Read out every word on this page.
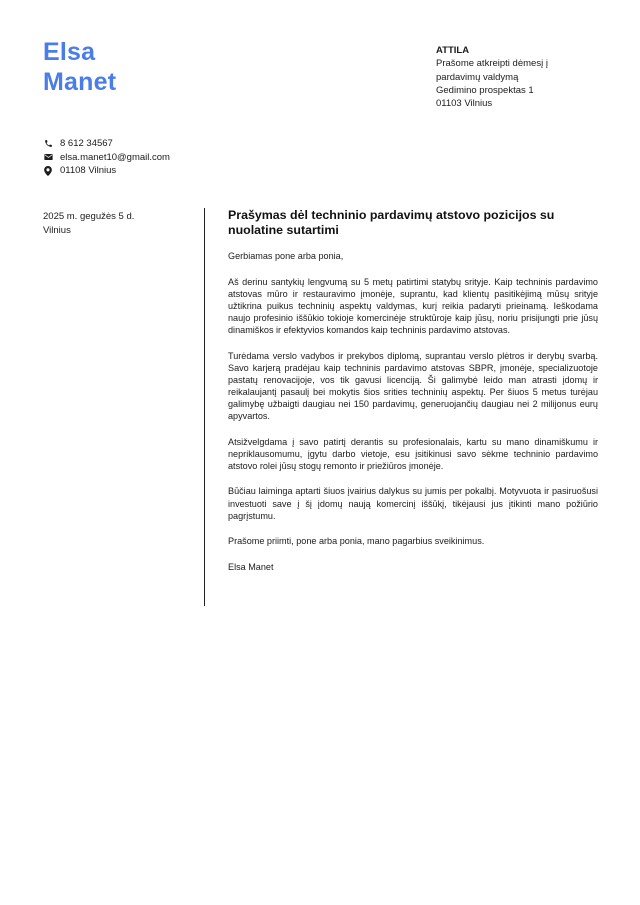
Elsa
Manet
ATTILA
Prašome atkreipti dėmesį į
pardavimų valdymą
Gedimino prospektas 1
01103 Vilnius
8 612 34567
elsa.manet10@gmail.com
01108 Vilnius
2025 m. gegužės 5 d.
Vilnius
Prašymas dėl techninio pardavimų atstovo pozicijos su nuolatine sutartimi

Gerbiamas pone arba ponia,

Aš derinu santykių lengvumą su 5 metų patirtimi statybų srityje. Kaip techninis pardavimo atstovas mūro ir restauravimo įmonėje, suprantu, kad klientų pasitikėjimą mūsų srityje užtikrina puikus techninių aspektų valdymas, kurį reikia padaryti prieinamą. Ieškodama naujo profesinio iššūkio tokioje komercinėje struktūroje kaip jūsų, noriu prisijungti prie jūsų dinamiškos ir efektyvios komandos kaip techninis pardavimo atstovas.

Turėdama verslo vadybos ir prekybos diplomą, suprantau verslo plėtros ir derybų svarbą. Savo karjerą pradėjau kaip techninis pardavimo atstovas SBPR, įmonėje, specializuotoje pastatų renovacijoje, vos tik gavusi licenciją. Ši galimybė leido man atrasti įdomų ir reikalaujantį pasaulį bei mokytis šios srities techninių aspektų. Per šiuos 5 metus turėjau galimybę užbaigti daugiau nei 150 pardavimų, generuojančių daugiau nei 2 milijonus eurų apyvartos.

Atsižvelgdama į savo patirtį derantis su profesionalais, kartu su mano dinamiškumu ir nepriklausomumu, įgytu darbo vietoje, esu įsitikinusi savo sėkme techninio pardavimo atstovo rolei jūsų stogų remonto ir priežiūros įmonėje.

Būčiau laiminga aptarti šiuos įvairius dalykus su jumis per pokalbį. Motyvuota ir pasiruošusi investuoti save į šį įdomų naują komercinį iššūkį, tikėjausi jus įtikinti mano požiūrio pagrįstumu.

Prašome priimti, pone arba ponia, mano pagarbius sveikinimus.

Elsa Manet
